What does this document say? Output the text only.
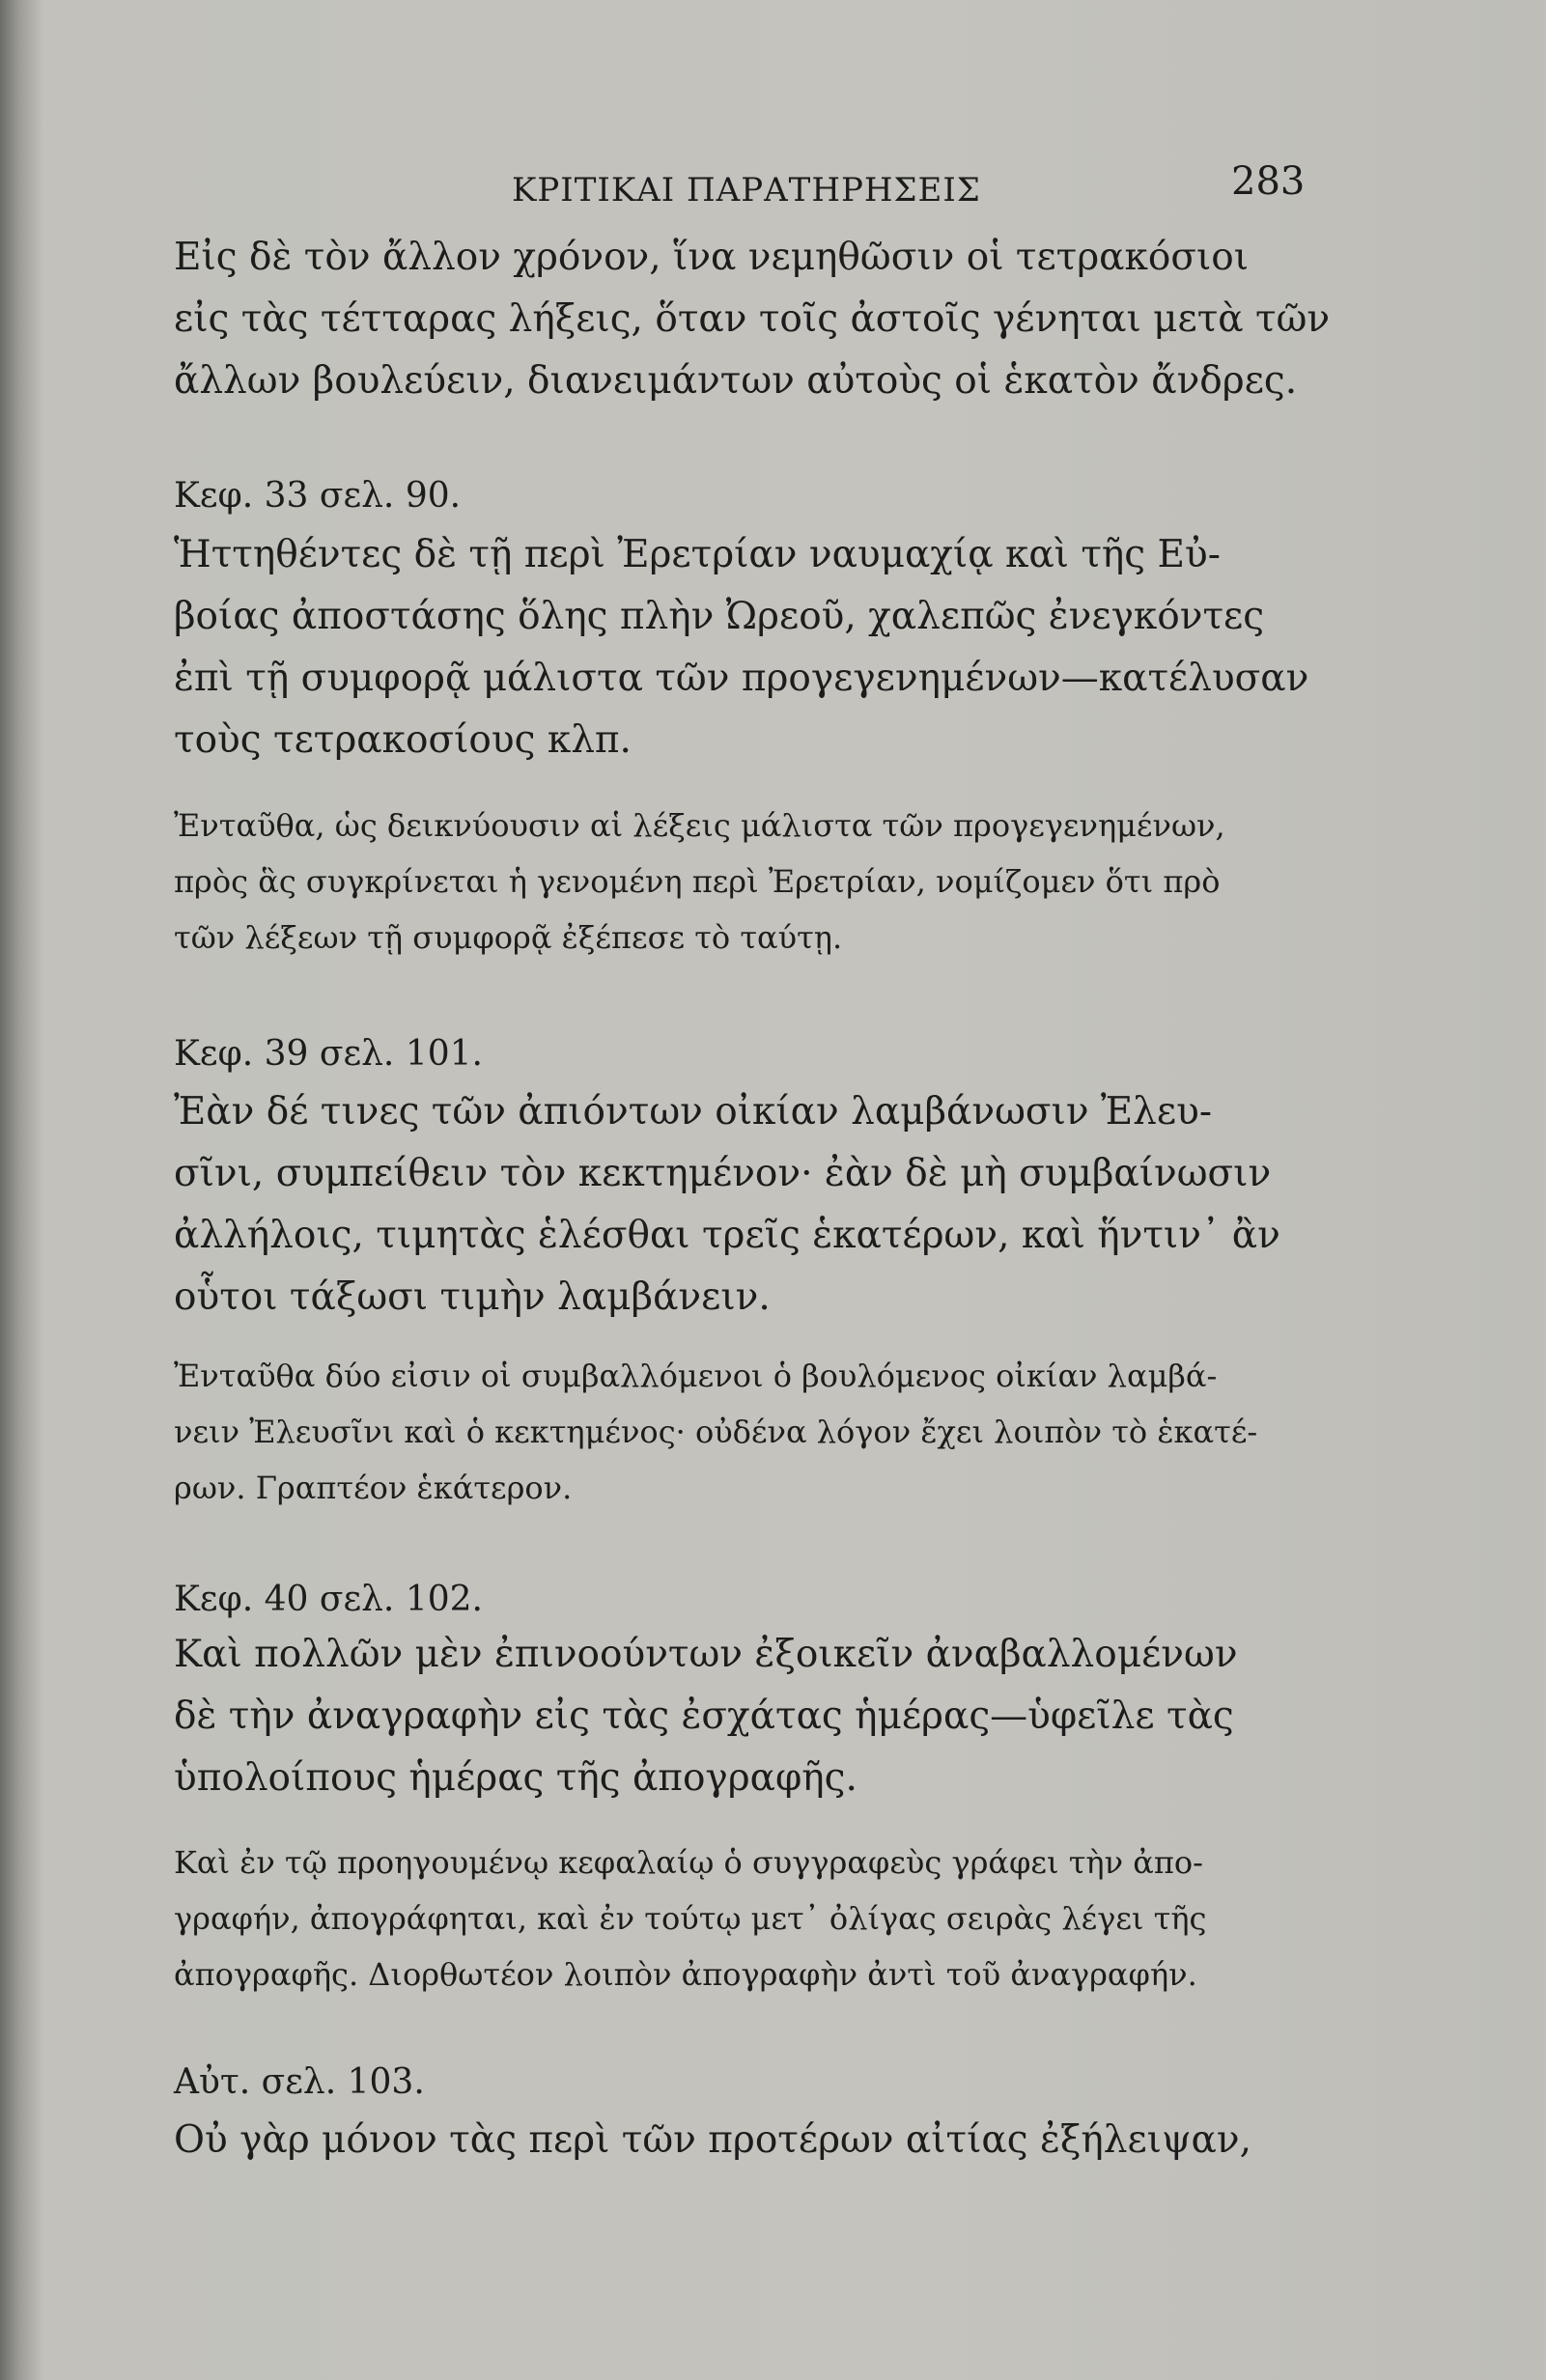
ΚΡΙΤΙΚΑΙ ΠΑΡΑΤΗΡΗΣΕΙΣ	283
Εἰς δὲ τὸν ἄλλον χρόνον, ἵνα νεμηθῶσιν οἱ τετρακόσιοι
εἰς τὰς τέτταρας λήξεις, ὅταν τοῖς ἀστοῖς γένηται μετὰ τῶν
ἄλλων βουλεύειν, διανειμάντων αὐτοὺς οἱ ἑκατὸν ἄνδρες.
Κεφ. 33 σελ. 90.
Ἡττηθέντες δὲ τῇ περὶ Ἐρετρίαν ναυμαχίᾳ καὶ τῆς Εὐ-
βοίας ἀποστάσης ὅλης πλὴν Ὠρεοῦ, χαλεπῶς ἐνεγκόντες
ἐπὶ τῇ συμφορᾷ μάλιστα τῶν προγεγενημένων—κατέλυσαν
τοὺς τετρακοσίους κλπ.
Ἐνταῦθα, ὡς δεικνύουσιν αἱ λέξεις μάλιστα τῶν προγεγενημένων,
πρὸς ἃς συγκρίνεται ἡ γενομένη περὶ Ἐρετρίαν, νομίζομεν ὅτι πρὸ
τῶν λέξεων τῇ συμφορᾷ ἐξέπεσε τὸ ταύτῃ.
Κεφ. 39 σελ. 101.
Ἐὰν δέ τινες τῶν ἀπιόντων οἰκίαν λαμβάνωσιν Ἐλευ-
σῖνι, συμπείθειν τὸν κεκτημένον· ἐὰν δὲ μὴ συμβαίνωσιν
ἀλλήλοις, τιμητὰς ἑλέσθαι τρεῖς ἑκατέρων, καὶ ἥντιν᾽ ἂν
οὗτοι τάξωσι τιμὴν λαμβάνειν.
Ἐνταῦθα δύο εἰσιν οἱ συμβαλλόμενοι ὁ βουλόμενος οἰκίαν λαμβά-
νειν Ἐλευσῖνι καὶ ὁ κεκτημένος· οὐδένα λόγον ἔχει λοιπὸν τὸ ἑκατέ-
ρων. Γραπτέον ἑκάτερον.
Κεφ. 40 σελ. 102.
Καὶ πολλῶν μὲν ἐπινοούντων ἐξοικεῖν ἀναβαλλομένων
δὲ τὴν ἀναγραφὴν εἰς τὰς ἐσχάτας ἡμέρας—ὑφεῖλε τὰς
ὑπολοίπους ἡμέρας τῆς ἀπογραφῆς.
Καὶ ἐν τῷ προηγουμένῳ κεφαλαίῳ ὁ συγγραφεὺς γράφει τὴν ἀπο-
γραφήν, ἀπογράφηται, καὶ ἐν τούτῳ μετ᾽ ὀλίγας σειρὰς λέγει τῆς
ἀπογραφῆς. Διορθωτέον λοιπὸν ἀπογραφὴν ἀντὶ τοῦ ἀναγραφήν.
Αὐτ. σελ. 103.
Οὐ γὰρ μόνον τὰς περὶ τῶν προτέρων αἰτίας ἐξήλειψαν,
